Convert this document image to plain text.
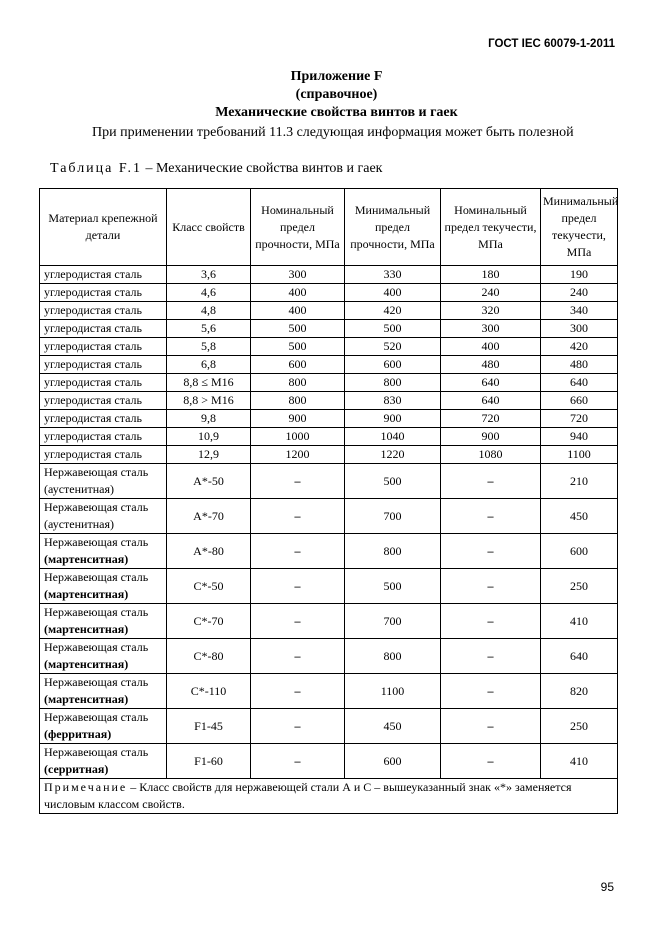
ГОСТ IEC 60079-1-2011
Приложение F
(справочное)
Механические свойства винтов и гаек
При применении требований 11.3 следующая информация может быть полезной
Таблица F.1 – Механические свойства винтов и гаек
Материал крепежной детали	Класс свойств	Номинальный предел прочности, МПа	Минимальный предел прочности, МПа	Номинальный предел текучести, МПа	Минимальный предел текучести, МПа
углеродистая сталь	3,6	300	330	180	190
углеродистая сталь	4,6	400	400	240	240
углеродистая сталь	4,8	400	420	320	340
углеродистая сталь	5,6	500	500	300	300
углеродистая сталь	5,8	500	520	400	420
углеродистая сталь	6,8	600	600	480	480
углеродистая сталь	8,8 ≤ M16	800	800	640	640
углеродистая сталь	8,8 > M16	800	830	640	660
углеродистая сталь	9,8	900	900	720	720
углеродистая сталь	10,9	1000	1040	900	940
углеродистая сталь	12,9	1200	1220	1080	1100
Нержавеющая сталь
(аустенитная)	A*-50	–	500	–	210
Нержавеющая сталь
(аустенитная)	A*-70	–	700	–	450
Нержавеющая сталь
(мартенситная)	A*-80	–	800	–	600
Нержавеющая сталь
(мартенситная)	C*-50	–	500	–	250
Нержавеющая сталь
(мартенситная)	C*-70	–	700	–	410
Нержавеющая сталь
(мартенситная)	C*-80	–	800	–	640
Нержавеющая сталь
(мартенситная)	C*-110	–	1100	–	820
Нержавеющая сталь
(ферритная)	F1-45	–	450	–	250
Нержавеющая сталь
(серритная)	F1-60	–	600	–	410
Примечание – Класс свойств для нержавеющей стали А и С – вышеуказанный знак «*» заменяется числовым классом свойств.					
95
